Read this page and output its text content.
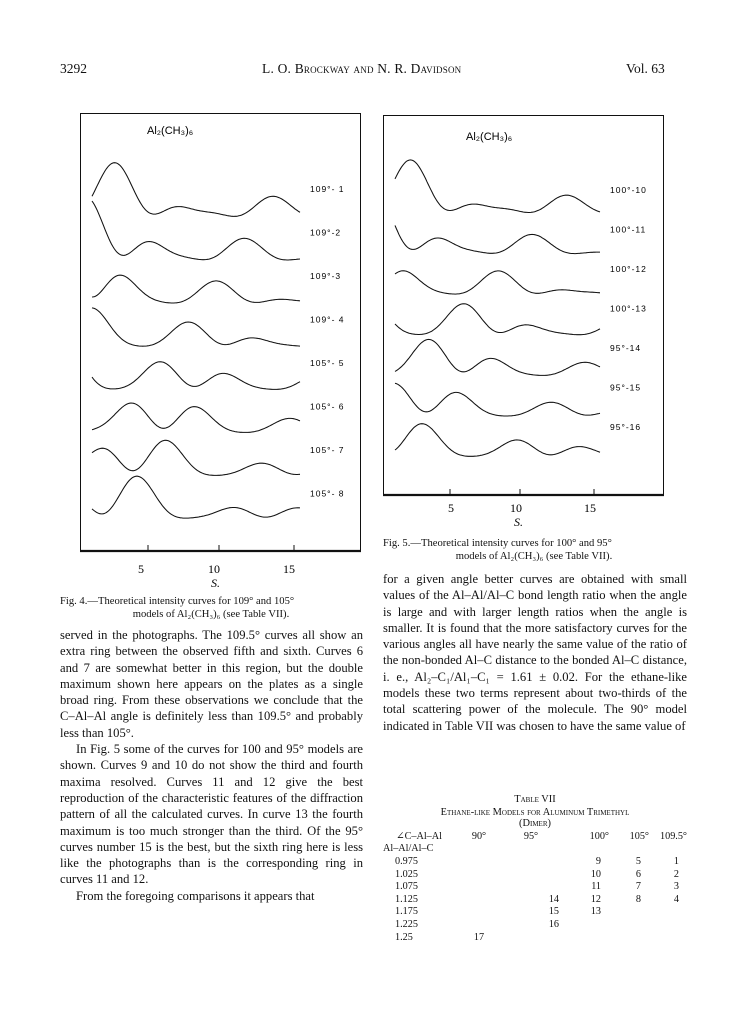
3292	L. O. Brockway and N. R. Davidson	Vol. 63
Al₂(CH₃)₆
109°- 1
109°-2
109°-3
109°- 4
105°- 5
105°- 6
105°- 7
105°- 8
5	10	15
S.
Al₂(CH₃)₆
100°-10
100°-11
100°-12
100°-13
95°-14
95°-15
95°-16
5	10	15
S.
Fig. 4.—Theoretical intensity curves for 109° and 105°
models of Al₂(CH₃)₆ (see Table VII).
Fig. 5.—Theoretical intensity curves for 100° and 95°
models of Al₂(CH₃)₆ (see Table VII).

served in the photographs. The 109.5° curves all show an extra ring between the observed fifth and sixth. Curves 6 and 7 are somewhat better in this region, but the double maximum shown here appears on the plates as a single broad ring. From these observations we conclude that the C–Al–Al angle is definitely less than 109.5° and probably less than 105°.

In Fig. 5 some of the curves for 100 and 95° models are shown. Curves 9 and 10 do not show the third and fourth maxima resolved. Curves 11 and 12 give the best reproduction of the characteristic features of the diffraction pattern of all the calculated curves. In curve 13 the fourth maximum is too much stronger than the third. Of the 95° curves number 15 is the best, but the sixth ring here is less like the photographs than is the corresponding ring in curves 11 and 12.

From the foregoing comparisons it appears that

for a given angle better curves are obtained with small values of the Al–Al/Al–C bond length ratio when the angle is large and with larger length ratios when the angle is smaller. It is found that the more satisfactory curves for the various angles all have nearly the same value of the ratio of the non-bonded Al–C distance to the bonded Al–C distance, i. e., Al₂–C₁/Al₁–C₁ = 1.61 ± 0.02. For the ethane-like models these two terms represent about two-thirds of the total scattering power of the molecule. The 90° model indicated in Table VII was chosen to have the same value of

Table VII
Ethane-like Models for Aluminum Trimethyl
(Dimer)
∠C–Al–Al	90°	95°	100°	105°	109.5°
Al–Al/Al–C					
0.975			9	5	1
1.025			10	6	2
1.075			11	7	3
1.125		14	12	8	4
1.175		15	13		
1.225		16			
1.25	17				
